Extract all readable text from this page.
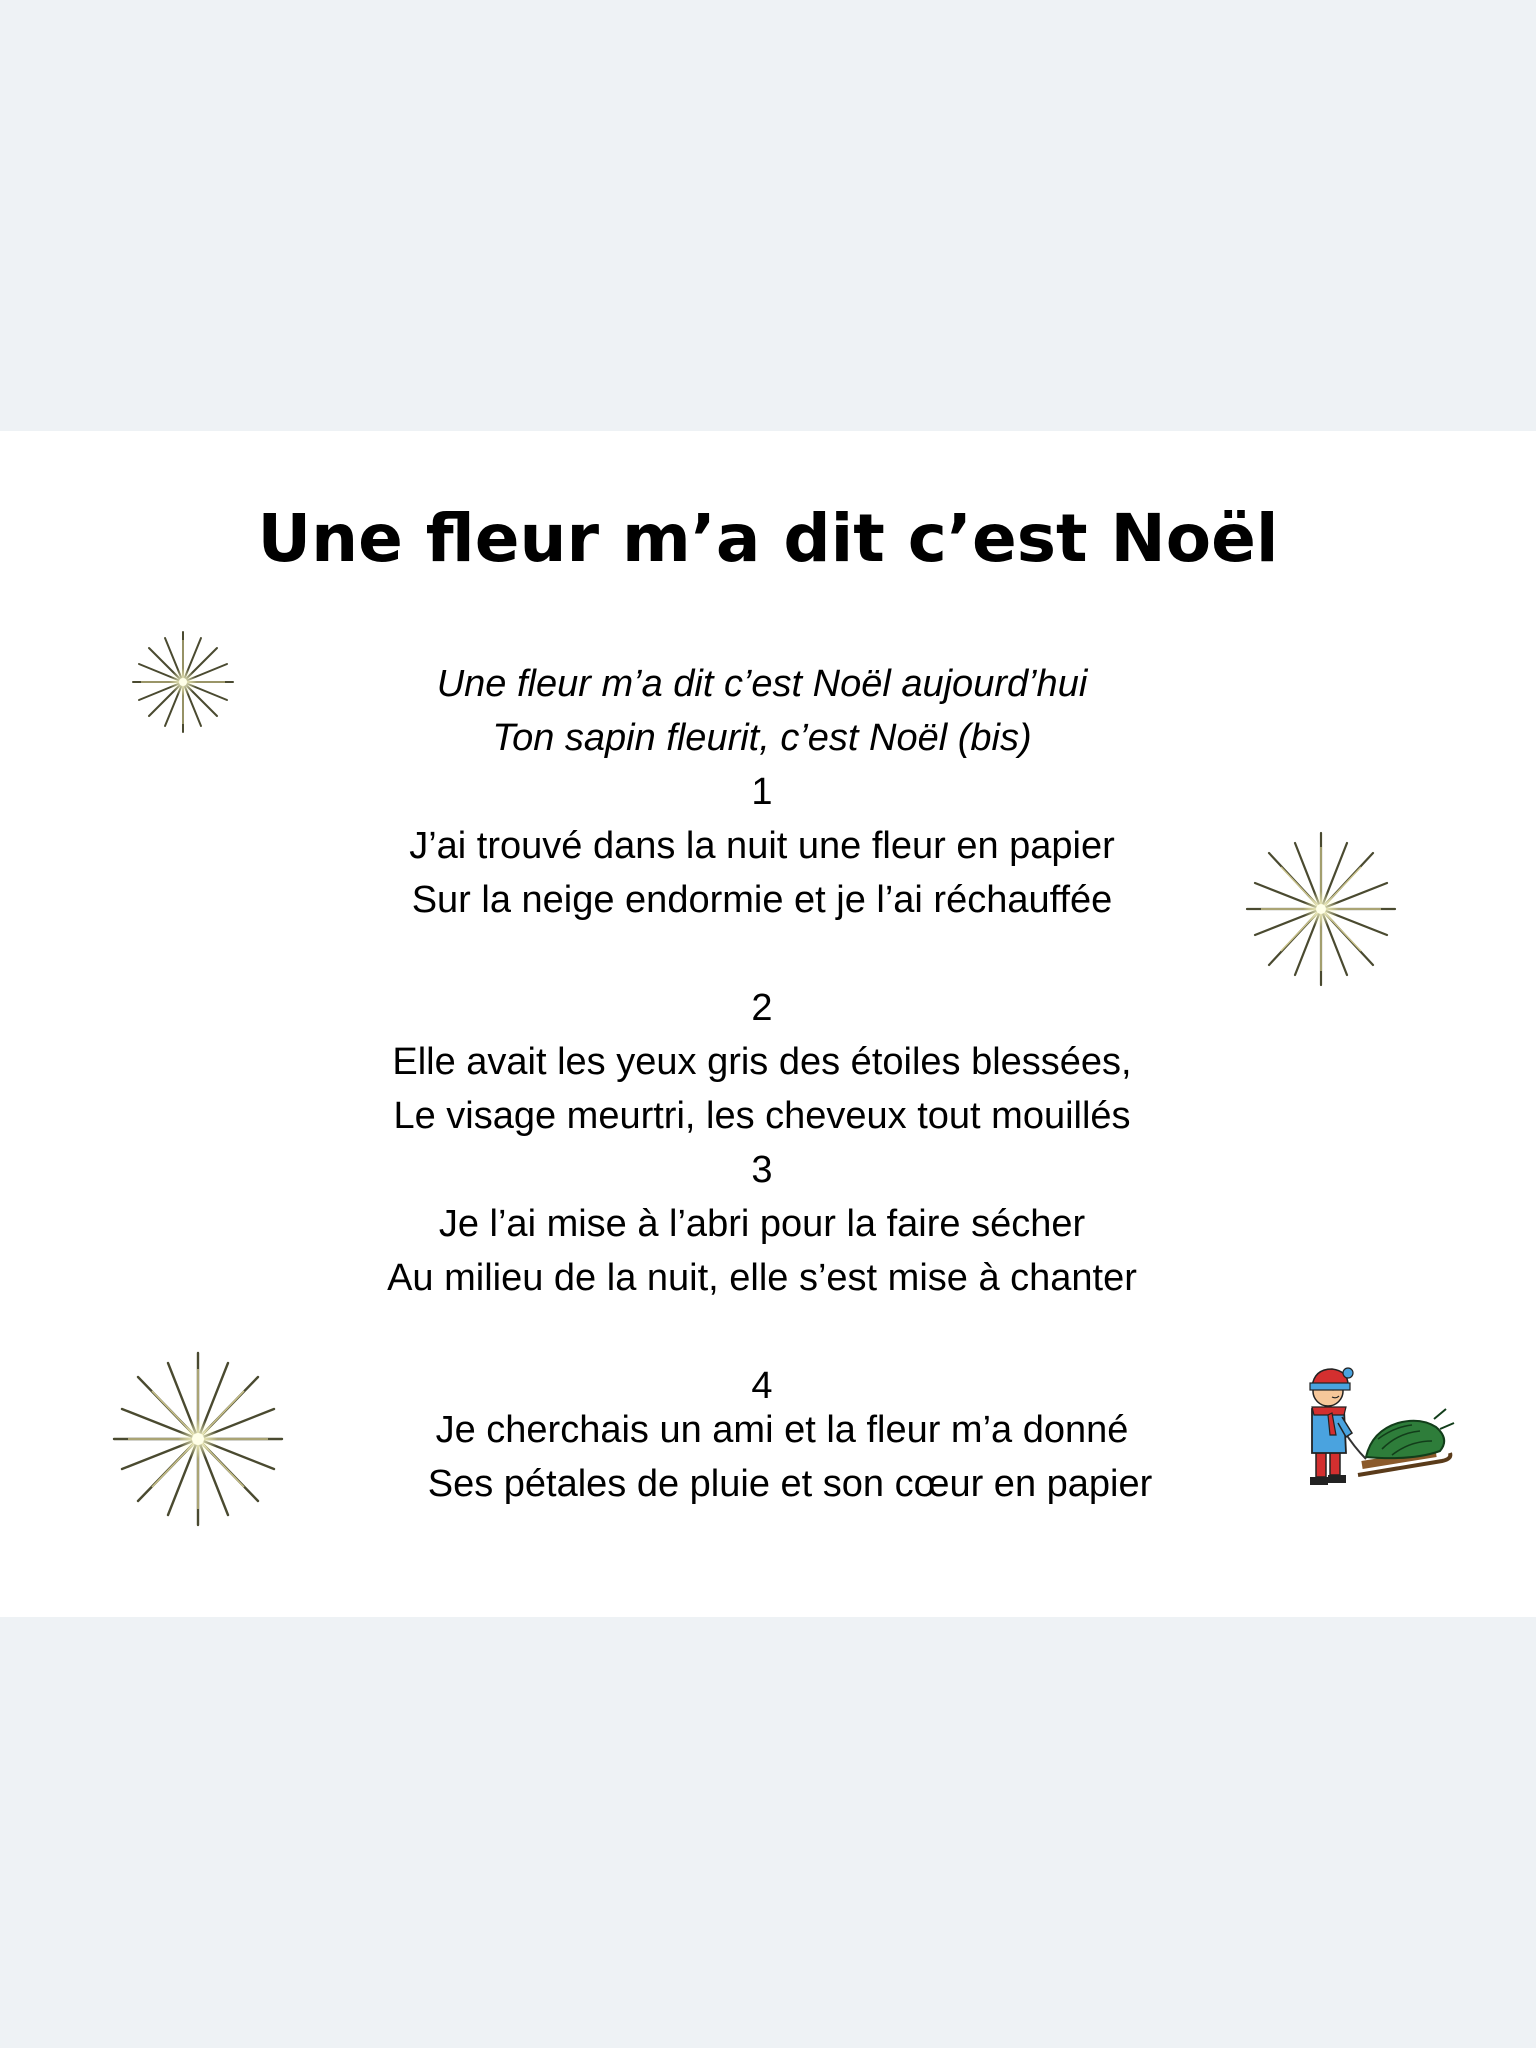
Une fleur m’a dit c’est Noël
Une fleur m’a dit c’est Noël aujourd’hui
Ton sapin fleurit, c’est Noël (bis)
1
J’ai trouvé dans la nuit une fleur en papier
Sur la neige endormie et je l’ai réchauffée
2
Elle avait les yeux gris des étoiles blessées,
Le visage meurtri, les cheveux tout mouillés
3
Je l’ai mise à l’abri pour la faire sécher
Au milieu de la nuit, elle s’est mise à chanter
4
Je cherchais un ami et la fleur m’a donné
Ses pétales de pluie et son cœur en papier
